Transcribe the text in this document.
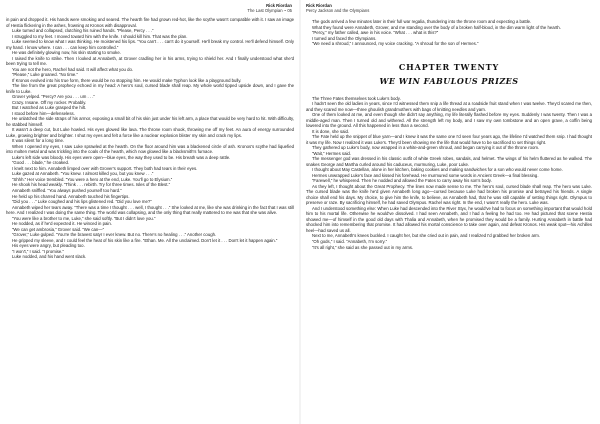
Rick Riordan
The Last Olympian ~ 05

in pain and dropped it. His hands were smoking and seared. The hearth fire had grown red-hot, like the scythe wasn't compatible with it. I saw an image of Hestia flickering in the ashes, frowning at Kronos with disapproval.

Luke turned and collapsed, clutching his ruined hands. “Please, Percy . . .”

I struggled to my feet. I moved toward him with the knife. I should kill him. That was the plan.

Luke seemed to know what I was thinking. He moistened his lips. “You can't . . . can't do it yourself. He'll break my control. He'll defend himself. Only my hand. I know where. I can . . . can keep him controlled.”

He was definitely glowing now, his skin starting to smoke.

I raised the knife to strike. Then I looked at Annabeth, at Grover cradling her in his arms, trying to shield her. And I finally understood what she'd been trying to tell me.

You are not the hero, Rachel had said. It will affect what you do.

“Please,” Luke groaned. “No time.”

If Kronos evolved into his true form, there would be no stopping him. He would make Typhon look like a playground bully.

The line from the great prophecy echoed in my head: A hero's soul, cursed blade shall reap. My whole world tipped upside down, and I gave the knife to Luke.

Grover yelped. “Percy? Are you . . . um . . .”

Crazy. Insane. Off my rocker. Probably.

But I watched as Luke grasped the hilt.

I stood before him—defenseless.

He unlatched the side straps of his armor, exposing a small bit of his skin just under his left arm, a place that would be very hard to hit. With difficulty, he stabbed himself.

It wasn't a deep cut, but Luke howled. His eyes glowed like lava. The throne room shook, throwing me off my feet. An aura of energy surrounded Luke, growing brighter and brighter. I shut my eyes and felt a force like a nuclear explosion blister my skin and crack my lips.

It was silent for a long time.

When I opened my eyes, I saw Luke sprawled at the hearth. On the floor around him was a blackened circle of ash. Kronos's scythe had liquefied into molten metal and was trickling into the coals of the hearth, which now glowed like a blacksmith's furnace.

Luke's left side was bloody. His eyes were open—blue eyes, the way they used to be. His breath was a deep rattle.

“Good . . . blade,” he croaked.

I knelt next to him. Annabeth limped over with Grover's support. They both had tears in their eyes.

Luke gazed at Annabeth. “You knew. I almost killed you, but you knew . . .”

“Shhh.” Her voice trembled. “You were a hero at the end, Luke. You'll go to Elysium.”

He shook his head weakly. “Think . . . rebirth. Try for three times. Isles of the Blest.”

Annabeth sniffled. “You always pushed yourself too hard.”

He held up his charred hand. Annabeth touched his fingertips.

“Did you . . .” Luke coughed and his lips glistened red. “Did you love me?”

Annabeth wiped her tears away. “There was a time I thought . . . well, I thought . . .” She looked at me, like she was drinking in the fact that I was still here. And I realized I was doing the same thing. The world was collapsing, and the only thing that really mattered to me was that she was alive.

“You were like a brother to me, Luke,” she said softly. “But I didn't love you.”

He nodded, as if he'd expected it. He winced in pain.

“We can get ambrosia,” Grover said. “We can—”

“Grover,” Luke gulped. “You're the bravest satyr I ever knew. But no. There's no healing . . .” Another cough.

He gripped my sleeve, and I could feel the heat of his skin like a fire. “Ethan. Me. All the unclaimed. Don't let it . . . Don't let it happen again.”

His eyes were angry, but pleading too.

“I won't,” I said. “I promise.”

Luke nodded, and his hand went slack.

Rick Riordan
Percy Jackson and the Olympians

The gods arrived a few minutes later in their full war regalia, thundering into the throne room and expecting a battle.

What they found were Annabeth, Grover, and me standing over the body of a broken half-blood, in the dim warm light of the hearth.

“Percy,” my father called, awe in his voice. “What . . . what is this?”

I turned and faced the Olympians.

“We need a shroud,” I announced, my voice cracking. “A shroud for the son of Hermes.”

CHAPTER TWENTY
WE WIN FABULOUS PRIZES

The Three Fates themselves took Luke's body.

I hadn't seen the old ladies in years, since I'd witnessed them snip a life thread at a roadside fruit stand when I was twelve. They'd scared me then, and they scared me now—three ghoulish grandmothers with bags of knitting needles and yarn.

One of them looked at me, and even though she didn't say anything, my life literally flashed before my eyes. Suddenly I was twenty. Then I was a middle-aged man. Then I turned old and withered. All the strength left my body, and I saw my own tombstone and an open grave, a coffin being lowered into the ground. All this happened in less than a second.

It is done, she said.

The Fate held up the snippet of blue yarn—and I knew it was the same one I'd seen four years ago, the lifeline I'd watched them snip. I had thought it was my life. Now I realized it was Luke's. They'd been showing me the life that would have to be sacrificed to set things right.

They gathered up Luke's body, now wrapped in a white-and-green shroud, and began carrying it out of the throne room.

“Wait,” Hermes said.

The messenger god was dressed in his classic outfit of white Greek robes, sandals, and helmet. The wings of his helm fluttered as he walked. The snakes George and Martha curled around his caduceus, murmuring, Luke, poor Luke.

I thought about May Castellan, alone in her kitchen, baking cookies and making sandwiches for a son who would never come home.

Hermes unwrapped Luke's face and kissed his forehead. He murmured some words in Ancient Greek—a final blessing.

“Farewell,” he whispered. Then he nodded and allowed the Fates to carry away his son's body.

As they left, I thought about the Great Prophecy. The lines now made sense to me. The hero's soul, cursed blade shall reap. The hero was Luke. The cursed blade was the knife he'd given Annabeth long ago—cursed because Luke had broken his promise and betrayed his friends. A single choice shall end his days. My choice, to give him the knife, to believe, as Annabeth had, that he was still capable of setting things right. Olympus to preserve or raze. By sacrificing himself, he had saved Olympus. Rachel was right. In the end, I wasn't really the hero. Luke was.

And I understood something else: When Luke had descended into the River Styx, he would've had to focus on something important that would hold him to his mortal life. Otherwise he would've dissolved. I had seen Annabeth, and I had a feeling he had too. He had pictured that scene Hestia showed me—of himself in the good old days with Thalia and Annabeth, when he promised they would be a family. Hurting Annabeth in battle had shocked him into remembering that promise. It had allowed his mortal conscience to take over again, and defeat Kronos. His weak spot—his Achilles heel—had saved us all.

Next to me, Annabeth's knees buckled. I caught her, but she cried out in pain, and I realized I'd grabbed her broken arm.

“Oh gods,” I said. “Annabeth, I'm sorry.”

“It's all right,” she said as she passed out in my arms.
